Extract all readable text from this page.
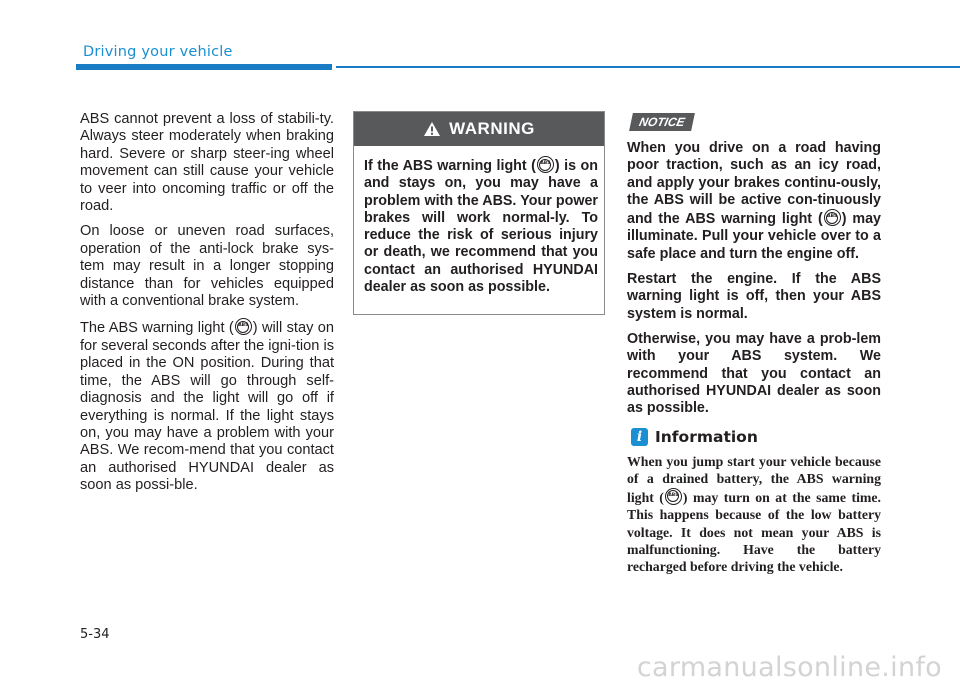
Driving your vehicle

ABS cannot prevent a loss of stabili-ty. Always steer moderately when braking hard. Severe or sharp steer-ing wheel movement can still cause your vehicle to veer into oncoming traffic or off the road.

On loose or uneven road surfaces, operation of the anti-lock brake sys-tem may result in a longer stopping distance than for vehicles equipped with a conventional brake system.

The ABS warning light ( ABS ) will stay on for several seconds after the igni-tion is placed in the ON position. During that time, the ABS will go through self-diagnosis and the light will go off if everything is normal. If the light stays on, you may have a problem with your ABS. We recom-mend that you contact an authorised HYUNDAI dealer as soon as possi-ble.

WARNING
If the ABS warning light ( ABS ) is on and stays on, you may have a problem with the ABS. Your power brakes will work normal-ly. To reduce the risk of serious injury or death, we recommend that you contact an authorised HYUNDAI dealer as soon as possible.
NOTICE

When you drive on a road having poor traction, such as an icy road, and apply your brakes continu-ously, the ABS will be active con-tinuously and the ABS warning light ( ABS ) may illuminate. Pull your vehicle over to a safe place and turn the engine off.

Restart the engine. If the ABS warning light is off, then your ABS system is normal.

Otherwise, you may have a prob-lem with your ABS system. We recommend that you contact an authorised HYUNDAI dealer as soon as possible.

i Information
When you jump start your vehicle because of a drained battery, the ABS warning light ( ABS ) may turn on at the same time. This happens because of the low battery voltage. It does not mean your ABS is malfunctioning. Have the battery recharged before driving the vehicle.
5-34
carmanualsonline.info
